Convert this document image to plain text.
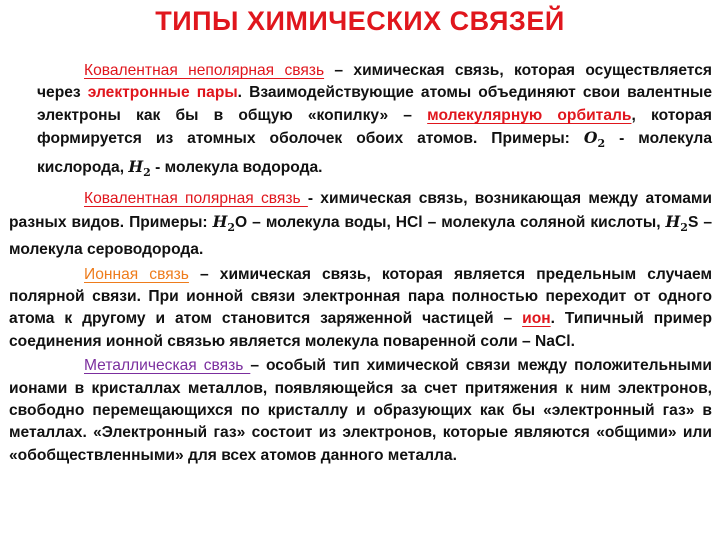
ТИПЫ ХИМИЧЕСКИХ СВЯЗЕЙ

Ковалентная неполярная связь – химическая связь, которая осуществляется через электронные пары. Взаимодействующие атомы объединяют свои валентные электроны как бы в общую «копилку» – молекулярную орбиталь, которая формируется из атомных оболочек обоих атомов. Примеры: $O_2$ - молекула кислорода, $H_2$ - молекула водорода.

Ковалентная полярная связь - химическая связь, возникающая между атомами разных видов. Примеры: $H_2O$ – молекула воды, HCl – молекула соляной кислоты, $H_2S$ – молекула сероводорода.

Ионная связь – химическая связь, которая является предельным случаем полярной связи. При ионной связи электронная пара полностью переходит от одного атома к другому и атом становится заряженной частицей – ион. Типичный пример соединения ионной связью является молекула поваренной соли – NaCl.

Металлическая связь – особый тип химической связи между положительными ионами в кристаллах металлов, появляющейся за счет притяжения к ним электронов, свободно перемещающихся по кристаллу и образующих как бы «электронный газ» в металлах. «Электронный газ» состоит из электронов, которые являются «общими» или «обобществленными» для всех атомов данного металла.
